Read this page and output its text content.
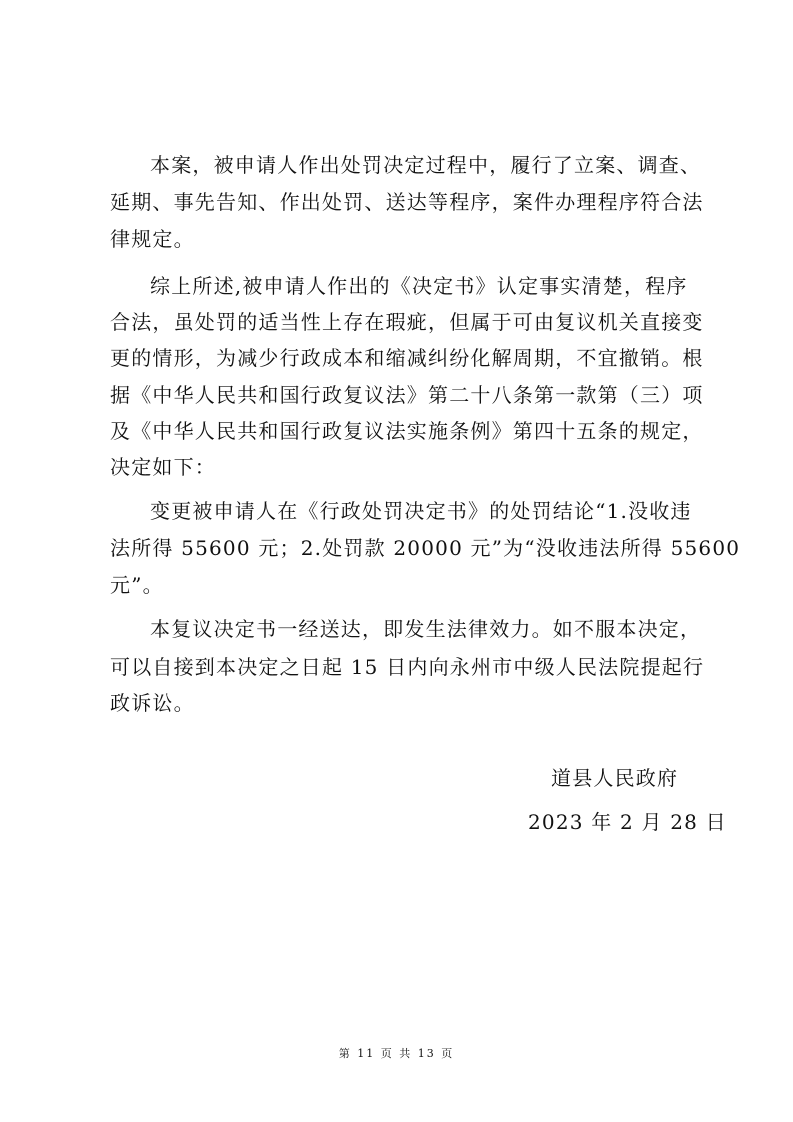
本案，被申请人作出处罚决定过程中，履行了立案、调查、
延期、事先告知、作出处罚、送达等程序，案件办理程序符合法
律规定。
综上所述,被申请人作出的《决定书》认定事实清楚，程序
合法，虽处罚的适当性上存在瑕疵，但属于可由复议机关直接变
更的情形，为减少行政成本和缩减纠纷化解周期，不宜撤销。根
据《中华人民共和国行政复议法》第二十八条第一款第（三）项
及《中华人民共和国行政复议法实施条例》第四十五条的规定，
决定如下：
变更被申请人在《行政处罚决定书》的处罚结论“1.没收违
法所得 55600 元；2.处罚款 20000 元”为“没收违法所得 55600
元”。
本复议决定书一经送达，即发生法律效力。如不服本决定，
可以自接到本决定之日起 15 日内向永州市中级人民法院提起行
政诉讼。
道县人民政府
2023 年 2 月 28 日
第 11 页 共 13 页
